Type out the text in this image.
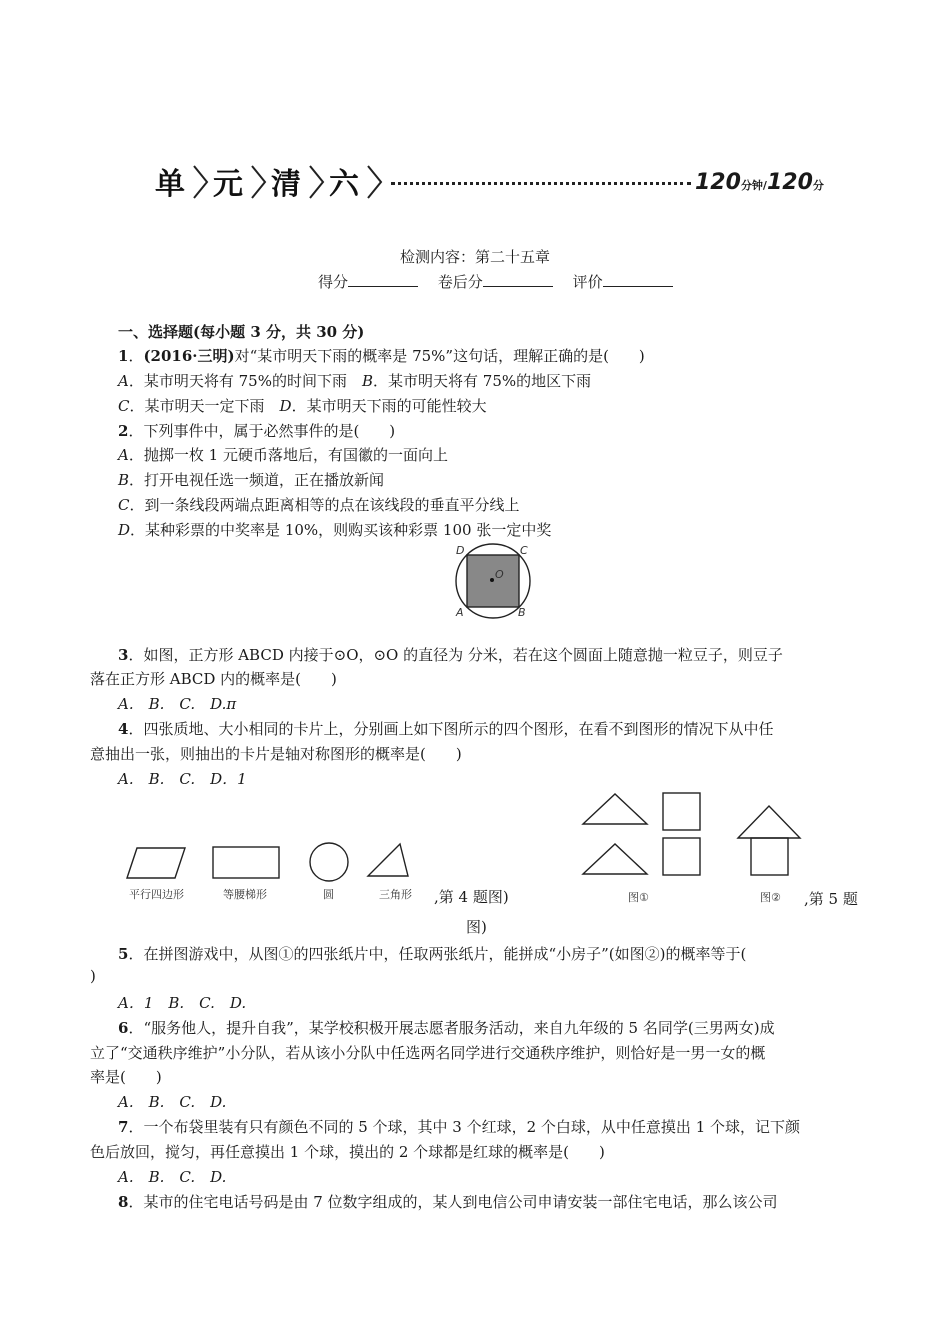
单 元 清 六	120分钟/120分
检测内容：第二十五章
得分　	卷后分　	评价
一、选择题(每小题 3 分，共 30 分)
1．(2016·三明)对“某市明天下雨的概率是 75%”这句话，理解正确的是(　　)
A．某市明天将有 75%的时间下雨　 B．某市明天将有 75%的地区下雨
C．某市明天一定下雨　 D．某市明天下雨的可能性较大
2．下列事件中，属于必然事件的是(　　)
A．抛掷一枚 1 元硬币落地后，有国徽的一面向上
B．打开电视任选一频道，正在播放新闻
C．到一条线段两端点距离相等的点在该线段的垂直平分线上
D．某种彩票的中奖率是 10%，则购买该种彩票 100 张一定中奖
D	C
O
A	B
3．如图，正方形 ABCD 内接于⊙O，⊙O 的直径为 分米，若在这个圆面上随意抛一粒豆子，则豆子
落在正方形 ABCD 内的概率是(　　)
A.　B.　C.　D.π
4．四张质地、大小相同的卡片上，分别画上如下图所示的四个图形，在看不到图形的情况下从中任
意抽出一张，则抽出的卡片是轴对称图形的概率是(　　)
A.　B.　C.　D．1
平行四边形	等腰梯形	圆	三角形 ,第 4 题图)	图①	图② ,第 5 题
图)
5．在拼图游戏中，从图①的四张纸片中，任取两张纸片，能拼成“小房子”(如图②)的概率等于(
)
A．1　B.　C.　D.
6．“服务他人，提升自我”，某学校积极开展志愿者服务活动，来自九年级的 5 名同学(三男两女)成
立了“交通秩序维护”小分队，若从该小分队中任选两名同学进行交通秩序维护，则恰好是一男一女的概
率是(　　)
A.　B.　C.　D.
7．一个布袋里装有只有颜色不同的 5 个球，其中 3 个红球，2 个白球，从中任意摸出 1 个球，记下颜
色后放回，搅匀，再任意摸出 1 个球，摸出的 2 个球都是红球的概率是(　　)
A.　B.　C.　D.
8．某市的住宅电话号码是由 7 位数字组成的，某人到电信公司申请安装一部住宅电话，那么该公司
